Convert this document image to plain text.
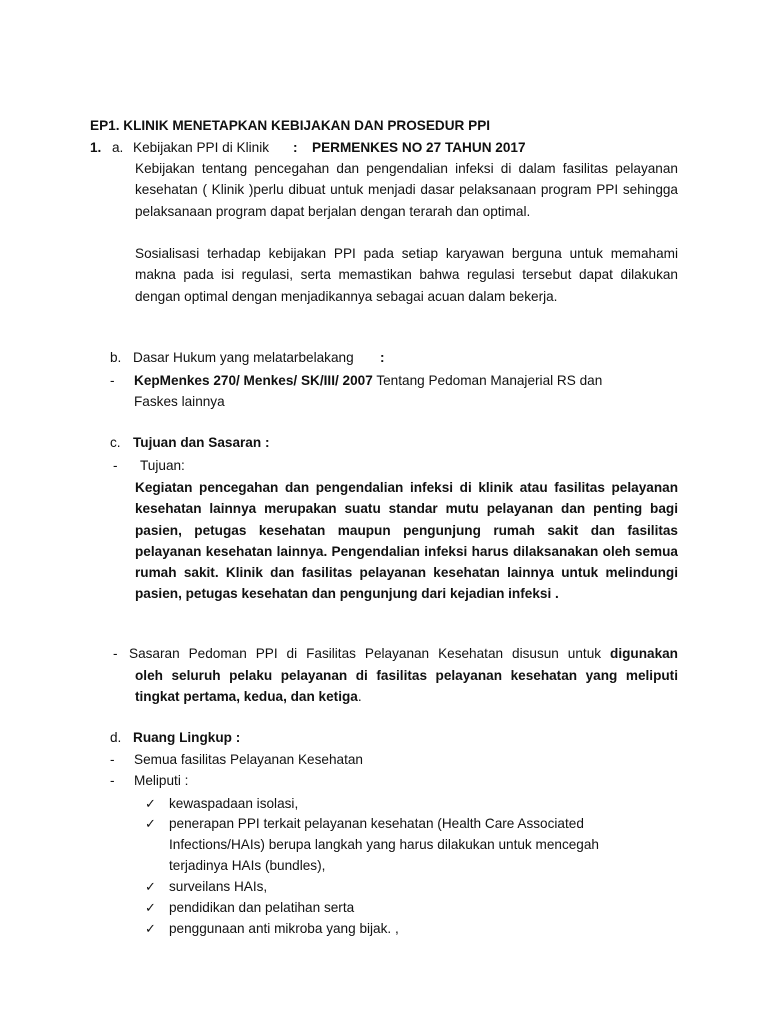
EP1. KLINIK MENETAPKAN KEBIJAKAN DAN PROSEDUR PPI
1. a. Kebijakan PPI di Klinik : PERMENKES NO 27 TAHUN 2017
Kebijakan tentang pencegahan dan pengendalian infeksi di dalam fasilitas pelayanan kesehatan ( Klinik )perlu dibuat untuk menjadi dasar pelaksanaan program PPI sehingga pelaksanaan program dapat berjalan dengan terarah dan optimal.
Sosialisasi terhadap kebijakan PPI pada setiap karyawan berguna untuk memahami makna pada isi regulasi, serta memastikan bahwa regulasi tersebut dapat dilakukan dengan optimal dengan menjadikannya sebagai acuan dalam bekerja.
b. Dasar Hukum yang melatarbelakang :
- KepMenkes 270/ Menkes/ SK/III/ 2007 Tentang Pedoman Manajerial RS dan
Faskes lainnya
c. Tujuan dan Sasaran :
- Tujuan:
Kegiatan pencegahan dan pengendalian infeksi di klinik atau fasilitas pelayanan kesehatan lainnya merupakan suatu standar mutu pelayanan dan penting bagi pasien, petugas kesehatan maupun pengunjung rumah sakit dan fasilitas pelayanan kesehatan lainnya. Pengendalian infeksi harus dilaksanakan oleh semua rumah sakit. Klinik dan fasilitas pelayanan kesehatan lainnya untuk melindungi pasien, petugas kesehatan dan pengunjung dari kejadian infeksi .
- Sasaran Pedoman PPI di Fasilitas Pelayanan Kesehatan disusun untuk digunakan
oleh seluruh pelaku pelayanan di fasilitas pelayanan kesehatan yang meliputi tingkat pertama, kedua, dan ketiga.
d. Ruang Lingkup :
- Semua fasilitas Pelayanan Kesehatan
- Meliputi :
✓ kewaspadaan isolasi,
✓ penerapan PPI terkait pelayanan kesehatan (Health Care Associated
Infections/HAIs) berupa langkah yang harus dilakukan untuk mencegah
terjadinya HAIs (bundles),
✓ surveilans HAIs,
✓ pendidikan dan pelatihan serta
✓ penggunaan anti mikroba yang bijak. ,
